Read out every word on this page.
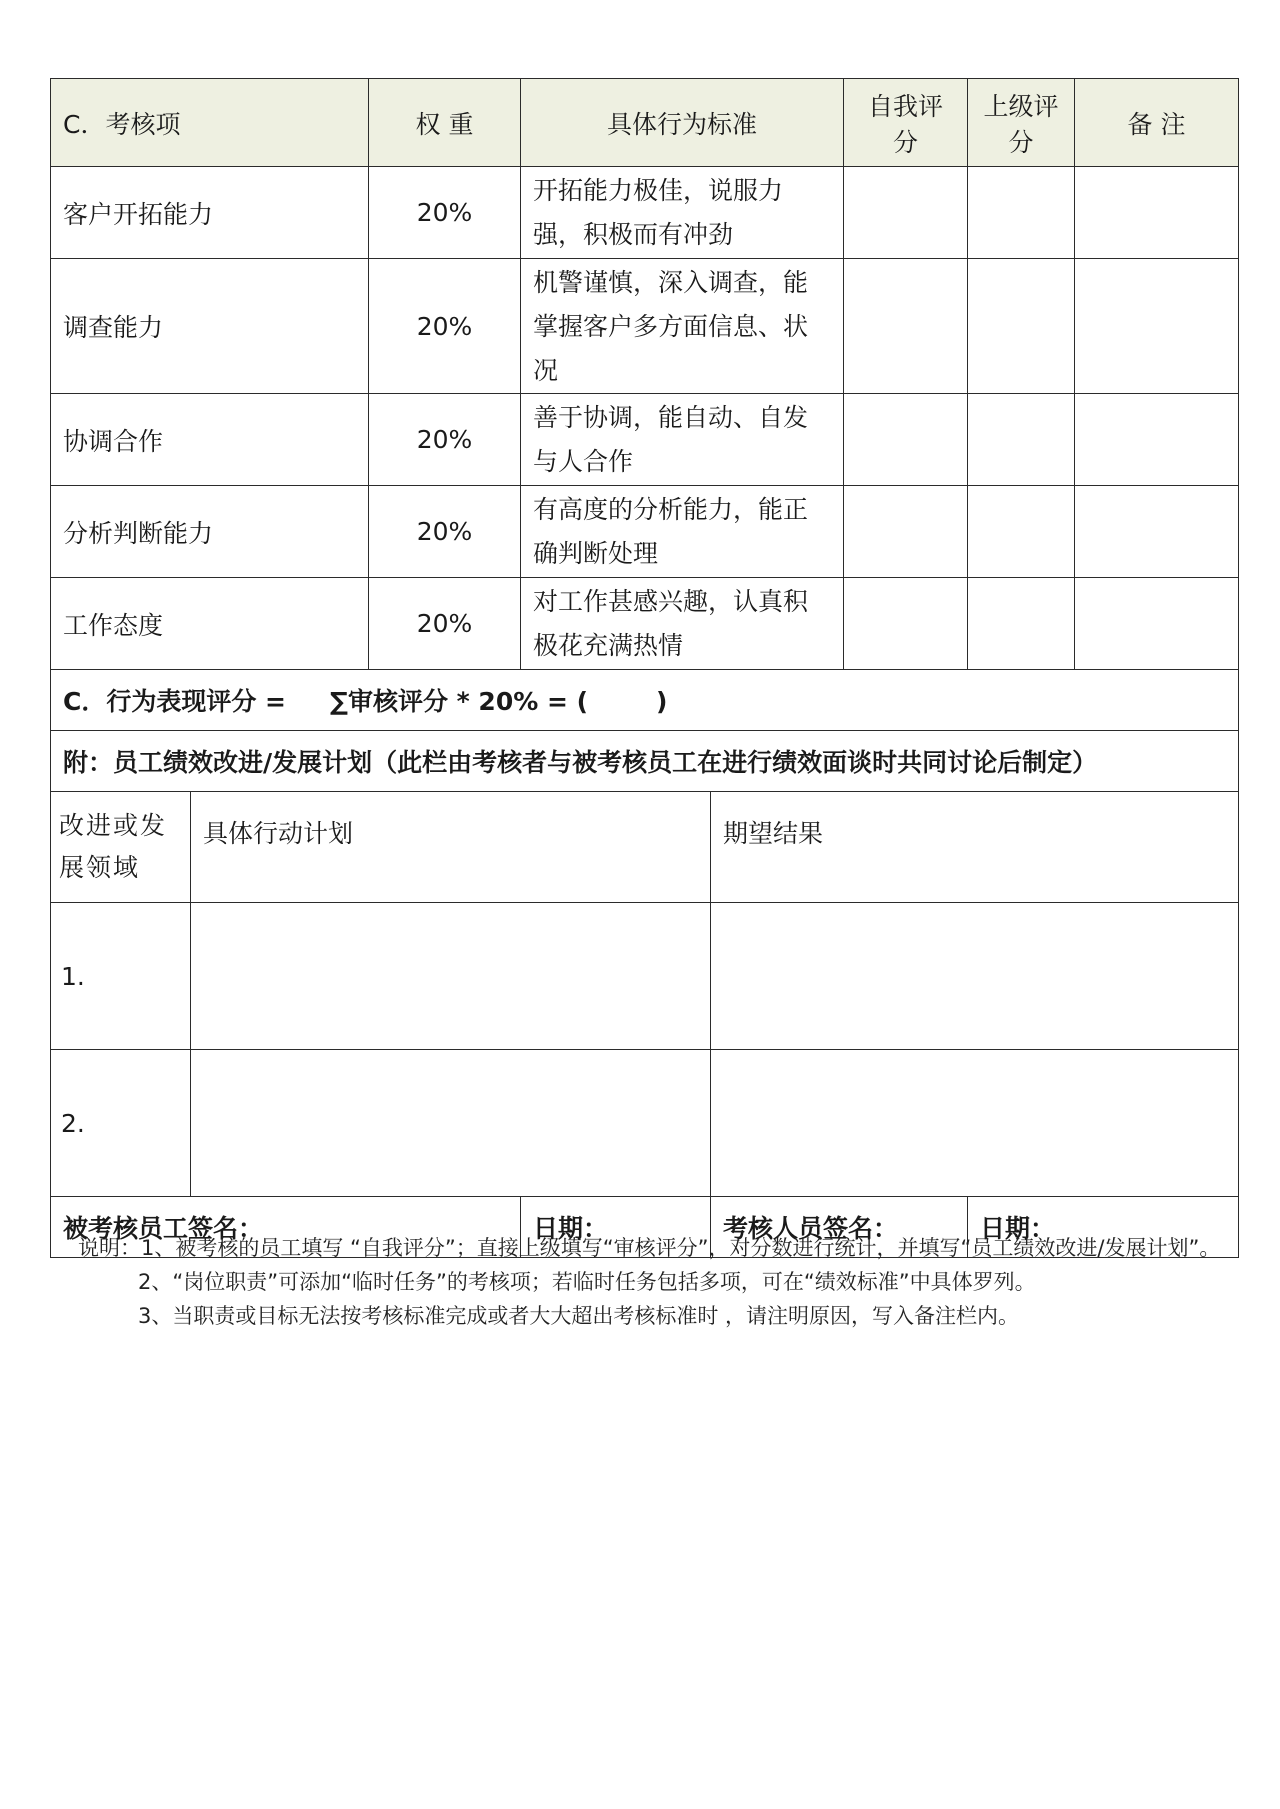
C．考核项		权 重	具体行为标准		自我评分	上级评分	备 注
客户开拓能力		20%	开拓能力极佳，说服力强，积极而有冲劲				
调查能力		20%	机警谨慎，深入调查，能掌握客户多方面信息、状况				
协调合作		20%	善于协调，能自动、自发与人合作				
分析判断能力		20%	有高度的分析能力，能正确判断处理				
工作态度		20%	对工作甚感兴趣，认真积极花充满热情				
C．行为表现评分 = ∑审核评分 * 20% = ( )							
附：员工绩效改进/发展计划（此栏由考核者与被考核员工在进行绩效面谈时共同讨论后制定）							
改进或发展领域	具体行动计划			期望结果			
1.							
2.							
被考核员工签名：			日期：	考核人员签名：		日期：	
说明：1、被考核的员工填写 “自我评分”；直接上级填写“审核评分”，对分数进行统计，并填写“员工绩效改进/发展计划”。
2、“岗位职责”可添加“临时任务”的考核项；若临时任务包括多项，可在“绩效标准”中具体罗列。
3、当职责或目标无法按考核标准完成或者大大超出考核标准时 ，请注明原因，写入备注栏内。
